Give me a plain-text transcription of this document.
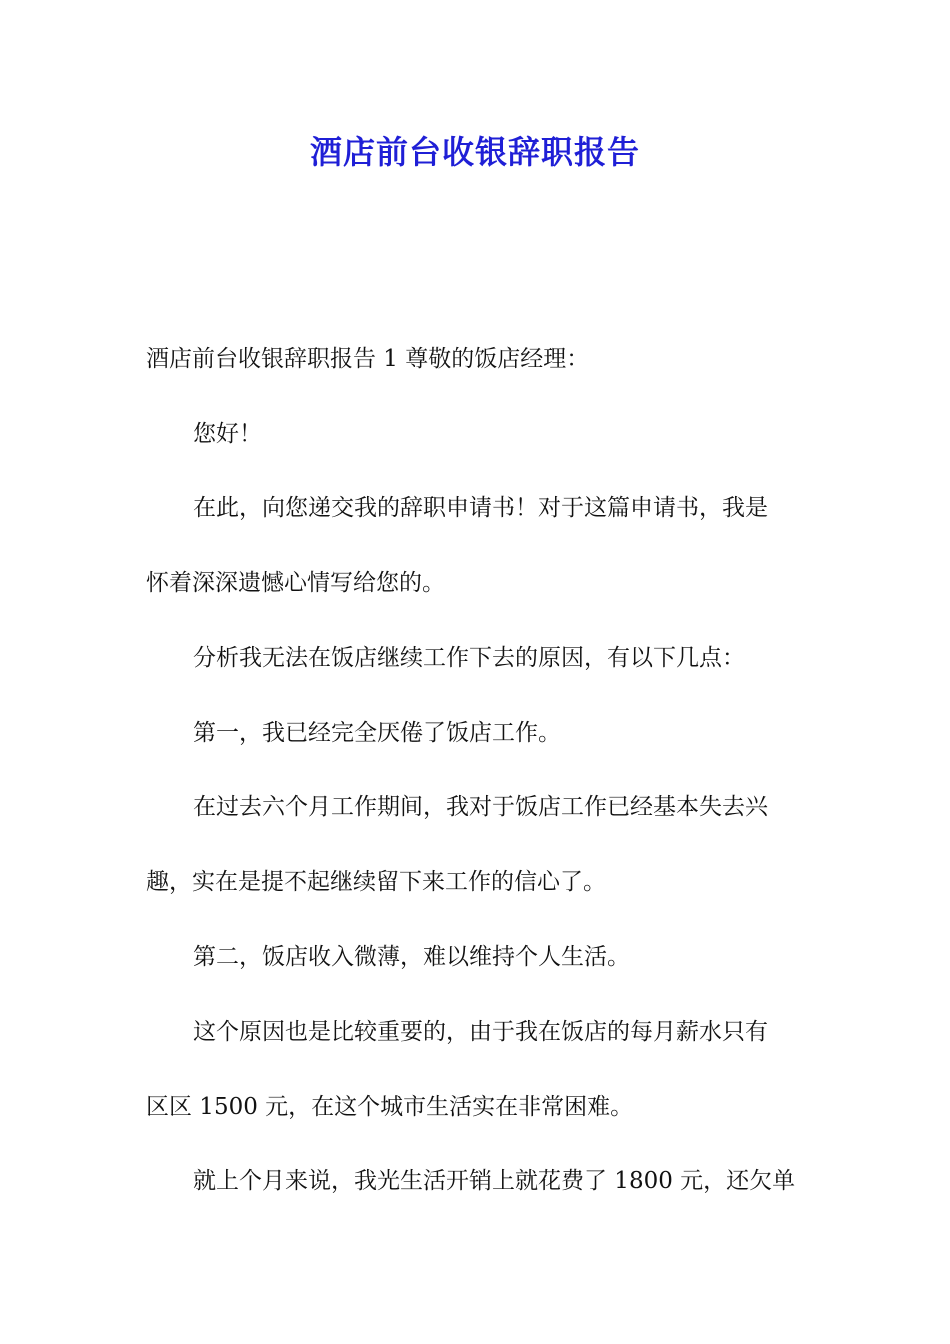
酒店前台收银辞职报告
酒店前台收银辞职报告 1 尊敬的饭店经理：
您好！
在此，向您递交我的辞职申请书！对于这篇申请书，我是
怀着深深遗憾心情写给您的。
分析我无法在饭店继续工作下去的原因，有以下几点：
第一，我已经完全厌倦了饭店工作。
在过去六个月工作期间，我对于饭店工作已经基本失去兴
趣，实在是提不起继续留下来工作的信心了。
第二，饭店收入微薄，难以维持个人生活。
这个原因也是比较重要的，由于我在饭店的每月薪水只有
区区 1500 元，在这个城市生活实在非常困难。
就上个月来说，我光生活开销上就花费了 1800 元，还欠单
